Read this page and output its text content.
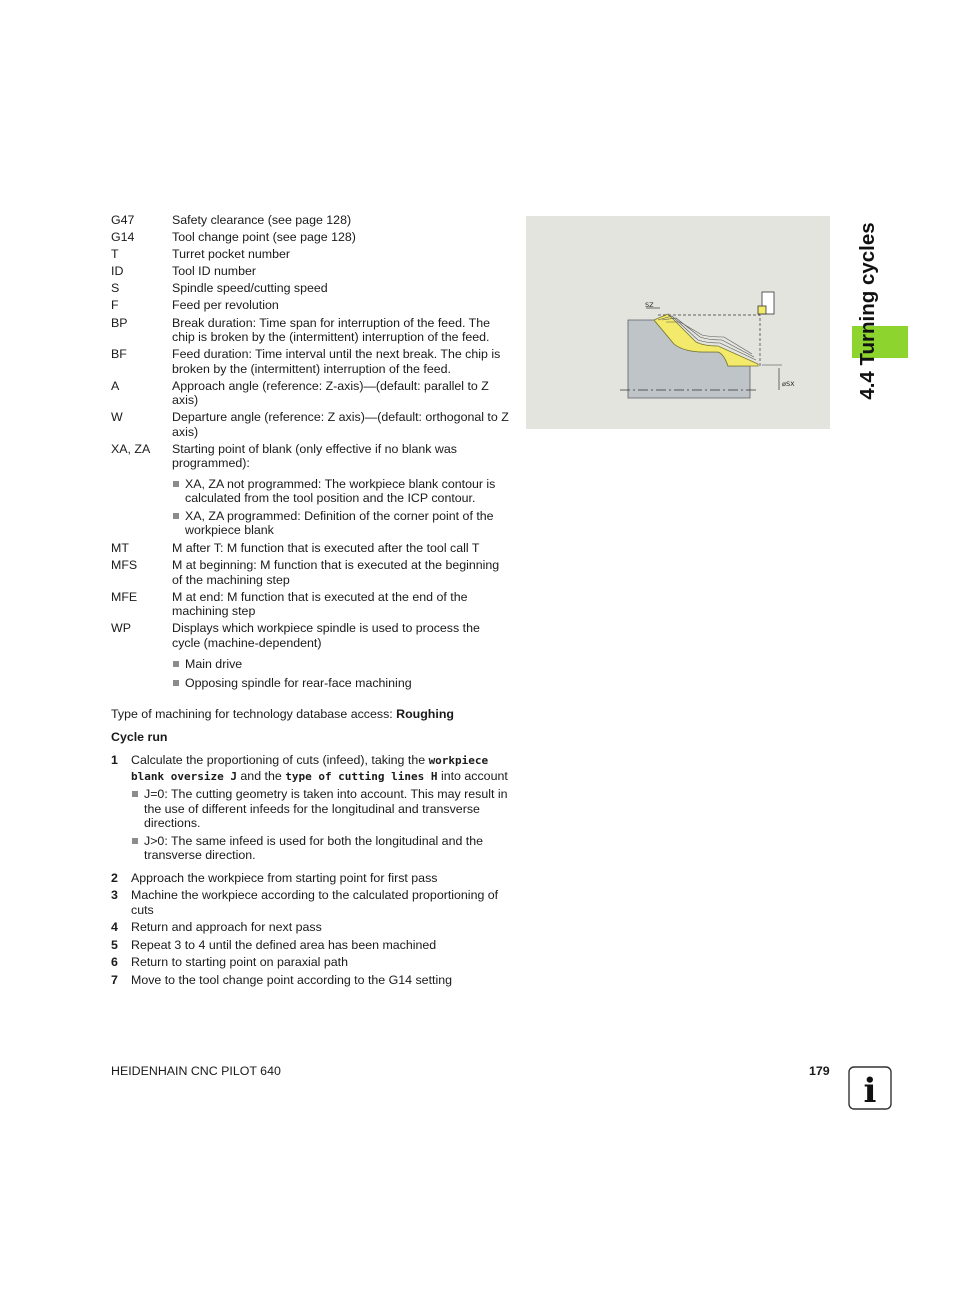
G47	Safety clearance (see page 128)
G14	Tool change point (see page 128)
T	Turret pocket number
ID	Tool ID number
S	Spindle speed/cutting speed
F	Feed per revolution
BP	Break duration: Time span for interruption of the feed. The chip is broken by the (intermittent) interruption of the feed.
BF	Feed duration: Time interval until the next break. The chip is broken by the (intermittent) interruption of the feed.
A	Approach angle (reference: Z-axis)—(default: parallel to Z axis)
W	Departure angle (reference: Z axis)—(default: orthogonal to Z axis)
XA, ZA	Starting point of blank (only effective if no blank was programmed):
XA, ZA not programmed: The workpiece blank contour is calculated from the tool position and the ICP contour.
XA, ZA programmed: Definition of the corner point of the workpiece blank
MT	M after T: M function that is executed after the tool call T
MFS	M at beginning: M function that is executed at the beginning of the machining step
MFE	M at end: M function that is executed at the end of the machining step
WP	Displays which workpiece spindle is used to process the cycle (machine-dependent)
Main drive
Opposing spindle for rear-face machining
Type of machining for technology database access: Roughing
Cycle run
1	Calculate the proportioning of cuts (infeed), taking the workpiece blank oversize J and the type of cutting lines H into account
J=0: The cutting geometry is taken into account. This may result in the use of different infeeds for the longitudinal and transverse directions.
J>0: The same infeed is used for both the longitudinal and the transverse direction.
2	Approach the workpiece from starting point for first pass
3	Machine the workpiece according to the calculated proportioning of cuts
4	Return and approach for next pass
5	Repeat 3 to 4 until the defined area has been machined
6	Return to starting point on paraxial path
7	Move to the tool change point according to the G14 setting
SZ
øSX	4.4 Turning cycles
HEIDENHAIN CNC PILOT 640	179 i
